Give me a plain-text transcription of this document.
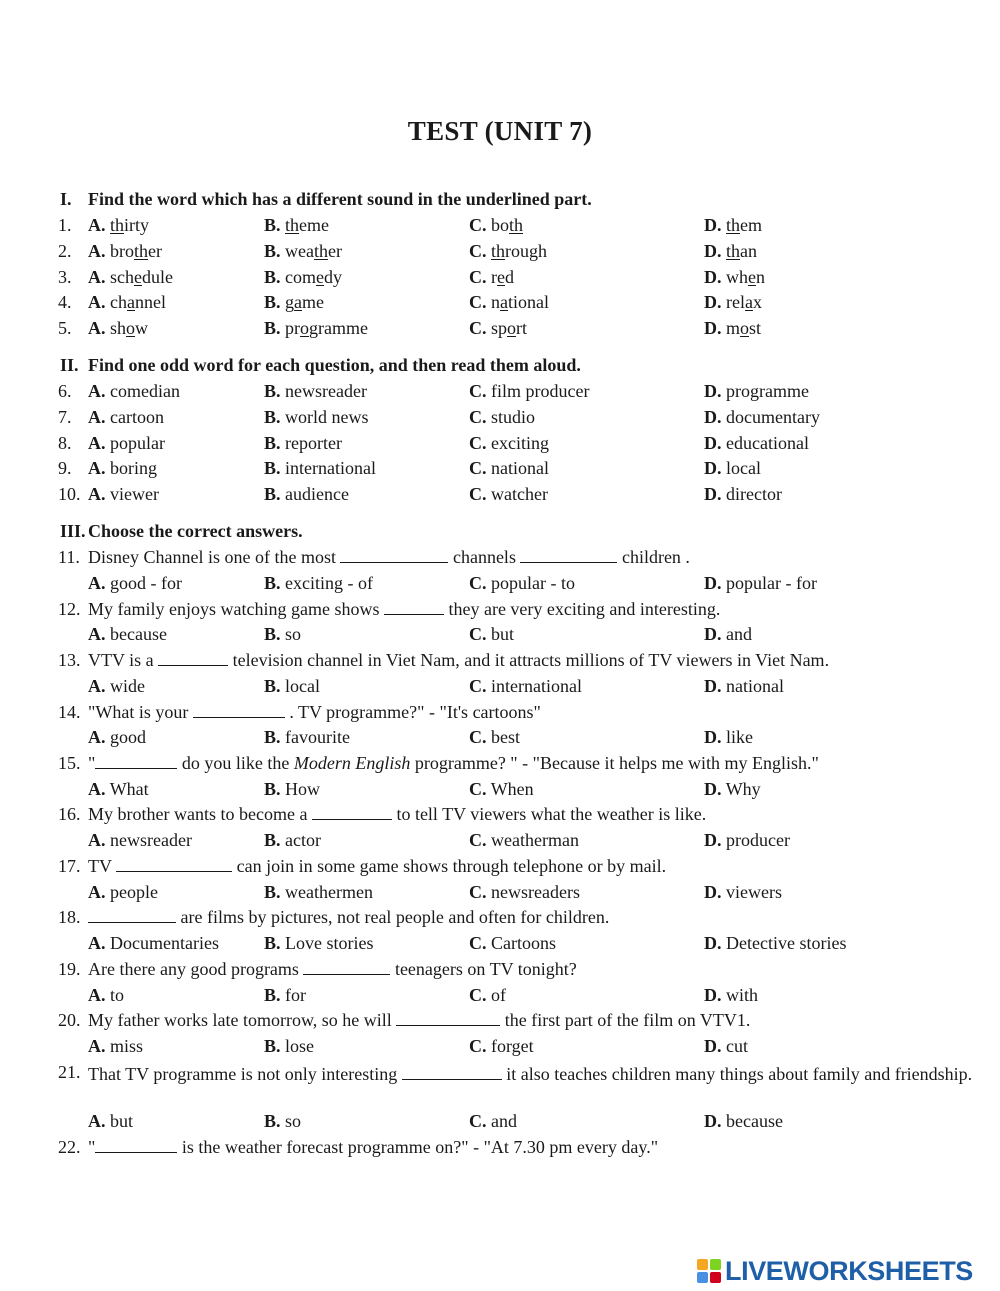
TEST (UNIT 7)
I. Find the word which has a different sound in the underlined part.
1. A. thirty	B. theme	C. both	D. them
2. A. brother	B. weather	C. through	D. than
3. A. schedule	B. comedy	C. red	D. when
4. A. channel	B. game	C. national	D. relax
5. A. show	B. programme	C. sport	D. most
II. Find one odd word for each question, and then read them aloud.
6. A. comedian	B. newsreader	C. film producer	D. programme
7. A. cartoon	B. world news	C. studio	D. documentary
8. A. popular	B. reporter	C. exciting	D. educational
9. A. boring	B. international	C. national	D. local
10. A. viewer	B. audience	C. watcher	D. director
III. Choose the correct answers.
11. Disney Channel is one of the most	channels	children .
A. good - for	B. exciting - of	C. popular - to	D. popular - for
12. My family enjoys watching game shows	they are very exciting and interesting.
A. because	B. so	C. but	D. and
13. VTV is a	television channel in Viet Nam, and it attracts millions of TV viewers in Viet Nam.
A. wide	B. local	C. international	D. national
14. "What is your	. TV programme?" - "It's cartoons"
A. good	B. favourite	C. best	D. like
15. "	do you like the Modern English programme? " - "Because it helps me with my English."
A. What	B. How	C. When	D. Why
16. My brother wants to become a	to tell TV viewers what the weather is like.
A. newsreader	B. actor	C. weatherman	D. producer
17. TV	can join in some game shows through telephone or by mail.
A. people	B. weathermen	C. newsreaders	D. viewers
18.	are films by pictures, not real people and often for children.
A. Documentaries	B. Love stories	C. Cartoons	D. Detective stories
19. Are there any good programs	teenagers on TV tonight?
A. to	B. for	C. of	D. with
20. My father works late tomorrow, so he will	the first part of the film on VTV1.
A. miss	B. lose	C. forget	D. cut
21. That TV programme is not only interesting	it also teaches children many things about family and friendship.
A. but	B. so	C. and	D. because
22. "	is the weather forecast programme on?" - "At 7.30 pm every day."
LIVEWORKSHEETS
